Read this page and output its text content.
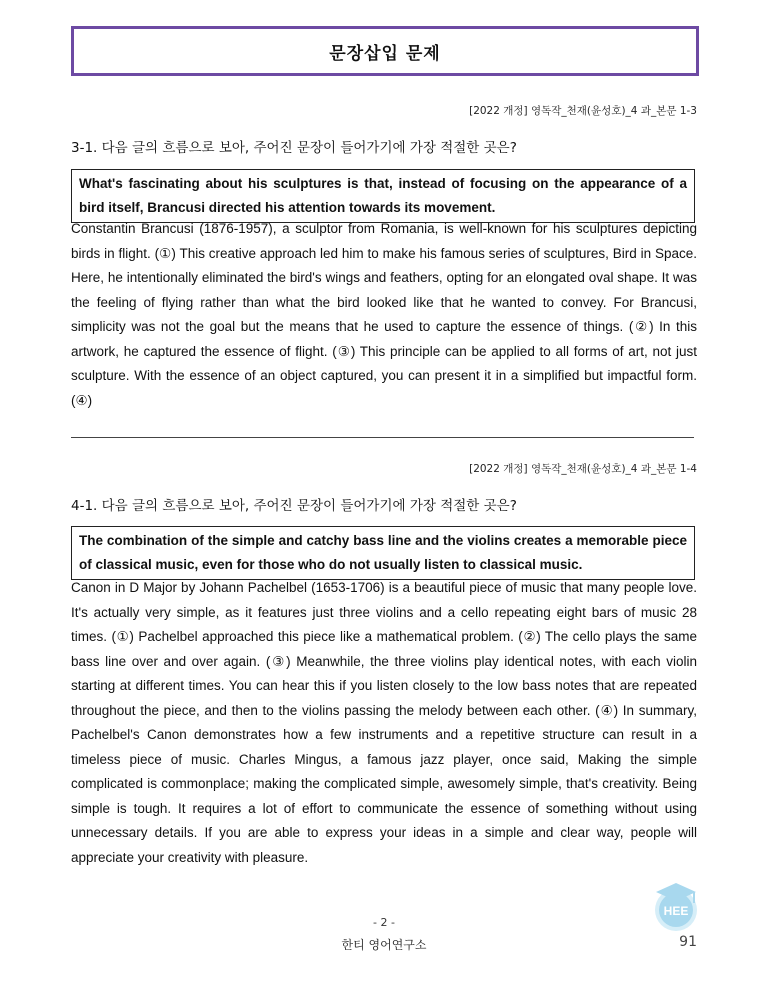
문장삽입 문제
[2022 개정] 영독작_천재(윤성호)_4 과_본문 1-3
3-1. 다음 글의 흐름으로 보아, 주어진 문장이 들어가기에 가장 적절한 곳은?
What's fascinating about his sculptures is that, instead of focusing on the appearance of a bird itself, Brancusi directed his attention towards its movement.
Constantin Brancusi (1876-1957), a sculptor from Romania, is well-known for his sculptures depicting birds in flight. (①) This creative approach led him to make his famous series of sculptures, Bird in Space. Here, he intentionally eliminated the bird's wings and feathers, opting for an elongated oval shape. It was the feeling of flying rather than what the bird looked like that he wanted to convey. For Brancusi, simplicity was not the goal but the means that he used to capture the essence of things. (②) In this artwork, he captured the essence of flight. (③) This principle can be applied to all forms of art, not just sculpture. With the essence of an object captured, you can present it in a simplified but impactful form. (④)
[2022 개정] 영독작_천재(윤성호)_4 과_본문 1-4
4-1. 다음 글의 흐름으로 보아, 주어진 문장이 들어가기에 가장 적절한 곳은?
The combination of the simple and catchy bass line and the violins creates a memorable piece of classical music, even for those who do not usually listen to classical music.
Canon in D Major by Johann Pachelbel (1653-1706) is a beautiful piece of music that many people love. It's actually very simple, as it features just three violins and a cello repeating eight bars of music 28 times. (①) Pachelbel approached this piece like a mathematical problem. (②) The cello plays the same bass line over and over again. (③) Meanwhile, the three violins play identical notes, with each violin starting at different times. You can hear this if you listen closely to the low bass notes that are repeated throughout the piece, and then to the violins passing the melody between each other. (④) In summary, Pachelbel's Canon demonstrates how a few instruments and a repetitive structure can result in a timeless piece of music. Charles Mingus, a famous jazz player, once said, Making the simple complicated is commonplace; making the complicated simple, awesomely simple, that's creativity. Being simple is tough. It requires a lot of effort to communicate the essence of something without using unnecessary details. If you are able to express your ideas in a simple and clear way, people will appreciate your creativity with pleasure.
- 2 -
한티 영어연구소	91
HEE
